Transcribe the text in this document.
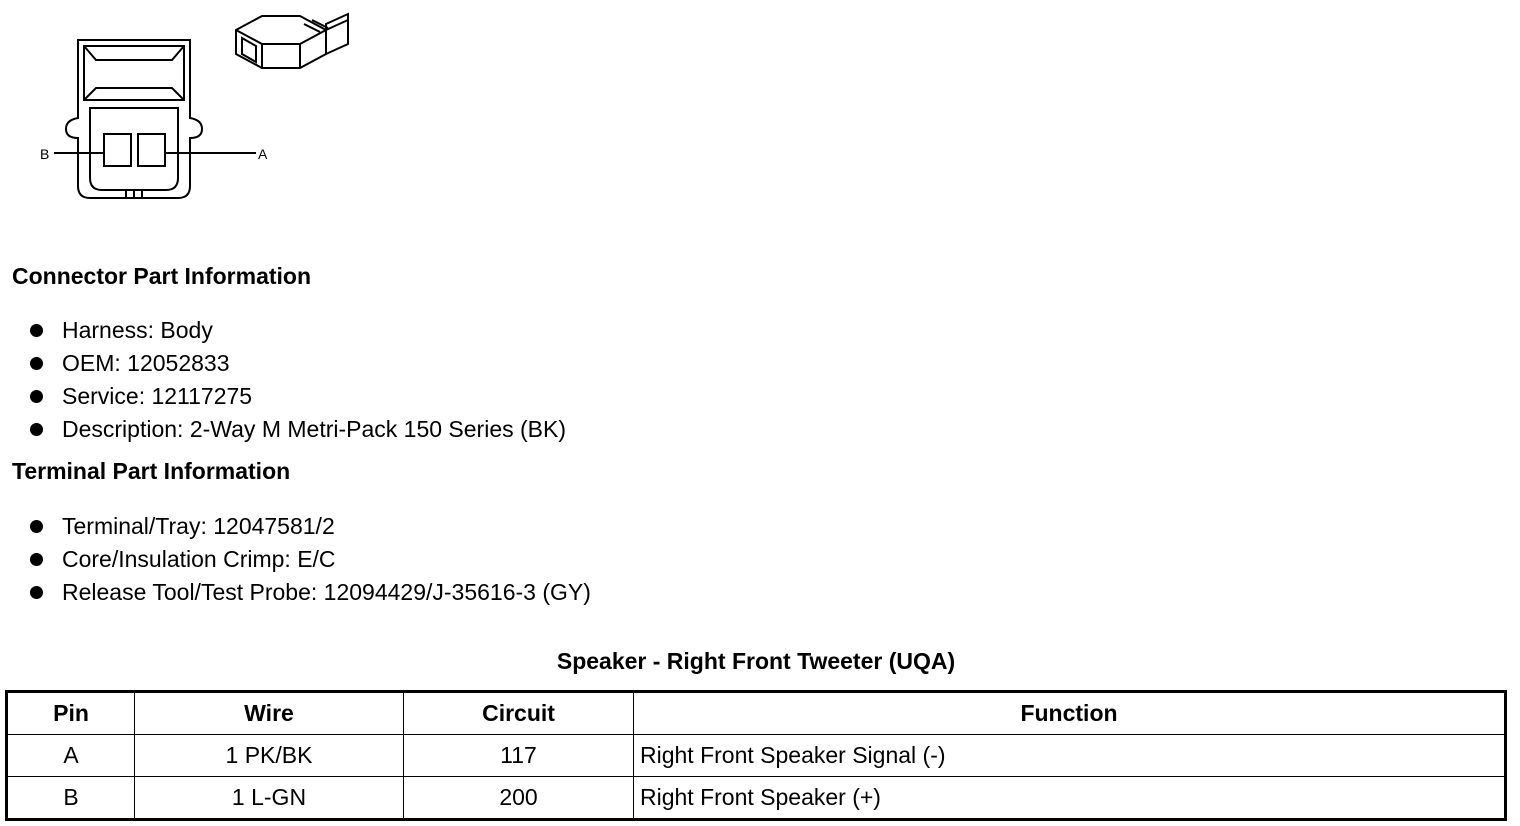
B	A
Connector Part Information
Harness: Body
OEM: 12052833
Service: 12117275
Description: 2-Way M Metri-Pack 150 Series (BK)
Terminal Part Information
Terminal/Tray: 12047581/2
Core/Insulation Crimp: E/C
Release Tool/Test Probe: 12094429/J-35616-3 (GY)
Speaker - Right Front Tweeter (UQA)
Pin	Wire	Circuit	Function
A	1 PK/BK	117	Right Front Speaker Signal (-)
B	1 L-GN	200	Right Front Speaker (+)
